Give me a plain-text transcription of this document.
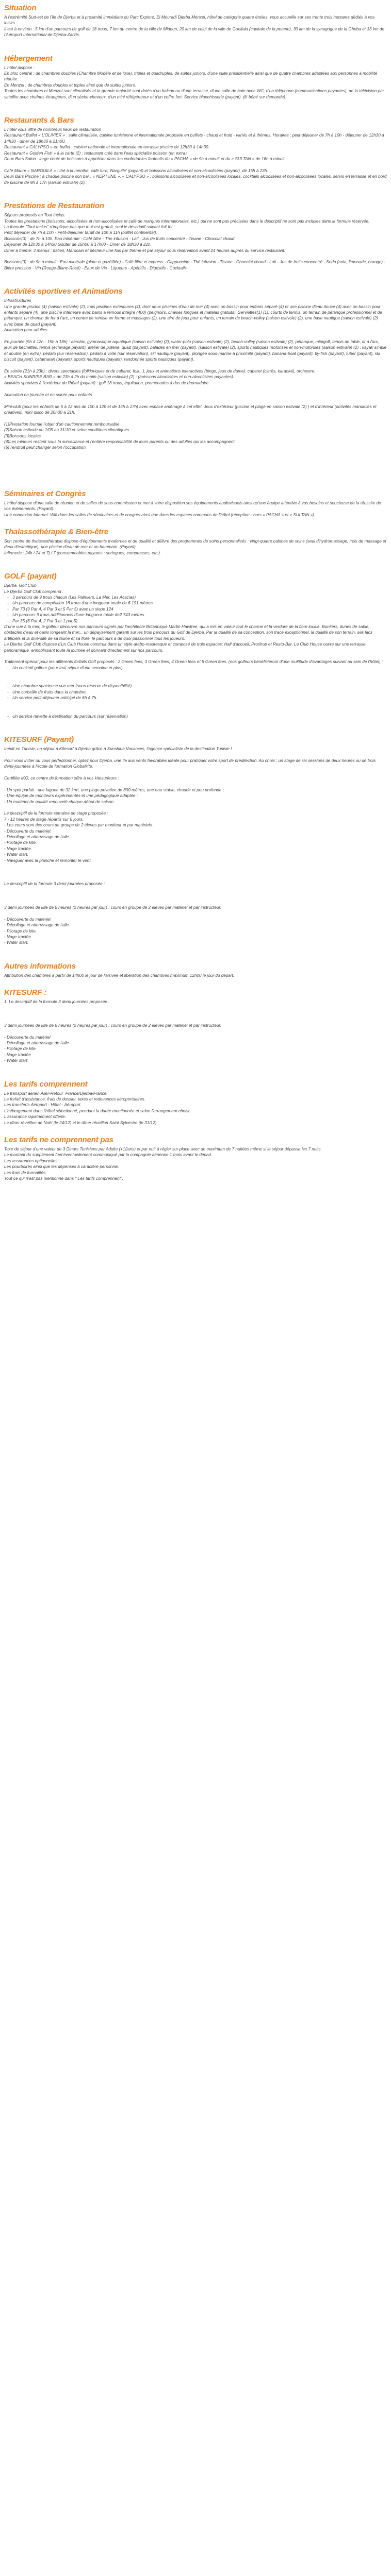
Situation

À l'extrémité Sud-est de l'île de Djerba et à proximité immédiate du Parc Explore, El Mouradi Djerba Menzel, hôtel de catégorie quatre étoiles, vous accueille sur ses trente trois hectares dédiés à vos loisirs.
Il est à environ : 5 km d'un parcours de golf de 18 trous, 7 km du centre de la ville de Midoun, 20 km de celui de la ville de Guellala (capitale de la poterie), 30 km de la synagogue de la Ghriba et 33 km de l'Aéroport International de Djerba-Zarzis.

Hébergement

L'hôtel dispose :
En bloc central : de chambres doubles (Chambre Modèle et de luxe), triples et quadruples, de suites juniors, d'une suite présidentielle ainsi que de quatre chambres adaptées aux personnes à mobilité réduite.
En Menzel : de chambres doubles et triples ainsi que de suites juniors.
Toutes les chambres et Menzel sont climatisés et la grande majorité sont dotés d'un balcon ou d'une terrasse, d'une salle de bain avec WC, d'un téléphone (communications payantes), de la télévision par satellite avec chaînes étrangères, d'un sèche-cheveux, d'un mini réfrigérateur et d'un coffre fort. Service blanchisserie (payant). (lit bébé sur demande).

Restaurants & Bars

L'hôtel vous offre de nombreux lieux de restauration
Restaurant Buffet « L'OLIVIER » : salle climatisée, cuisine tunisienne et internationale proposée en buffets - chaud et froid - variés et à thèmes. Horaires : petit-déjeuner de 7h à 10h - déjeuner de 12h30 à 14h30 - dîner de 18h30 à 21h00.
Restaurant « CALYPSO » en buffet : cuisine nationale et internationale en terrasse piscine de 12h30 à 14h30.
Restaurant « Golden Fish » à la carte (2) : restaurant créé dans l'eau spécialité poisson (en extra).
Deux Bars Salon : large choix de boissons à apprécier dans les confortables fauteuils du « PACHA » de 9h à minuit et du « SULTAN » de 16h à minuit.

Café Maure « NARGUILA » : thé à la menthe, café turc, 'Narguilé' (payant) et boissons alcoolisées et non-alcoolisées (payant), de 15h à 23h.
Deux Bars Piscine : à chaque piscine son bar : « NEPTUNE », « CALYPSO » : boissons alcoolisées et non-alcoolisées locales, cocktails alcoolisées et non-alcoolisées locales, servis en terrasse et en bord de piscine de 9h à 17h (saison estivale) (2).

Prestations de Restauration

Séjours proposés en Tout Inclus.
Toutes les prestations (boissons, alcoolisées et non-alcoolisées et café de marques internationales, etc.) qui ne sont pas précisées dans le descriptif ne sont pas incluses dans la formule réservée.
La formule "Tout Inclus" n'implique pas que tout est gratuit, seul le descriptif suivant fait foi :
Petit déjeuner de 7h à 10h - Petit-déjeuner tardif de 10h à 11h (buffet continental).
Boissons(3) : de 7h à 10h: Eau minérale - Café filtre - The infusion - Lait - Jus de fruits concentré - Tisane - Chocolat chaud.
Déjeuner de 12h30 à 14h30 Goûter de 15h00 à 17h00 - Dîner de 18h30 à 21h.
Dîner à thème: 3 menus : Italien, Marocain et pêcheur une fois par thème et par séjour sous réservation avant 24 heures auprès du service restaurant.

Boissons(3) : de 9h à minuit : Eau minérale (plate et gazéifiée) - Café filtre et express - Cappuccino - Thé infusion - Tisane - Chocolat chaud - Lait - Jus de fruits concentré - Soda (cola, limonade, orange) - Bière pression - Vin (Rouge-Blanc-Rosé) - Eaux de Vie - Liqueurs - Apéritifs - Digestifs - Cocktails.

Activités sportives et Animations

Infrastructures
Une grande piscine (4) (saison estivale) (2), trois piscines extérieures (4), dont deux piscines d'eau de mer (4) avec un bassin pour enfants séparé (4) et une piscine d'eau douce (4) avec un bassin pour enfants séparé (4), une piscine intérieure avec bains à remous intégré (400) (peignoirs, chaises longues et matelas gratuits), Serviettes(1) (1), courts de tennis, un terrain de pétanque professionnel et de pétanque, un chemin de fer à l'arc, un centre de remise en forme et massages (2), une aire de jeux pour enfants, un terrain de beach-volley (saison estivale) (2), une base nautique (saison estivale) (2) avec base de quad (payant).
Animation pour adultes

En journée (9h à 12h - 15h à 18h) : aérobic, gymnastique aquatique (saison estivale) (2), water-polo (saison estivale) (2), beach-volley (saison estivale) (2), pétanque, minigolf, tennis de table, tir à l'arc, jeux de fléchettes, tennis (éclairage payant), atelier de poterie, quad (payant), balades en mer (payant), (saison estivale) (2), sports nautiques motorisés et non-motorisés (saison estivale) (2) : kayak simple et double (en extra), pédalo (sur réservation), pédalo à voile (sur réservation), ski nautique (payant), plongée sous-marine à proximité (payant), banana-boat (payant), fly-fish (payant), tuber (payant), ski biscuit (payant), catamaran (payant), sports nautiques (payant), randonnée sports nautiques (payant).

En soirée (21h à 23h) : divers spectacles (folkloriques et de cabaret, folk...), jeux et animations interactives (bingo, jeux de dame), cabaret (clarés, karaoké), orchestre.
« BEACH SUNRISE BAR » de 23h à 2h du matin (saison estivale) (2) : (boissons alcoolisées et non-alcoolisées payantes).
Activités sportives à l'extérieur de l'hôtel (payant) : golf 18 trous, équitation, promenades à dos de dromadaire.

Animation en journée et en soirée pour enfants

Mini-club (pour les enfants de 5 à 12 ans de 10h à 12h et de 15h à 17h) avec espace aménagé à cet effet, Jeux d'extérieur (piscine et plage en saison estivale (2) ) et d'intérieur (activités manuelles et créatives), mini disco de 20h30 à 21h.

(1)Prestation fournie l'objet d'un cautionnement remboursable
(2)Saison estivale du 1/05 au 31/10 et selon conditions climatiques
(3)Boissons locales
(4)Les mineurs restent sous la surveillance et l'entière responsabilité de leurs parents ou des adultes qui les accompagnent.
(5) l'endroit peut changer selon l'occupation.

Séminaires et Congrès

L'hôtel dispose d'une salle de réunion et de salles de sous-commission et met à votre disposition ses équipements audiovisuels ainsi qu'une équipe attentive à vos besoins et soucieuse de la réussite de vos événements. (Payant).
Une connexion Internet: Wifi dans les salles de séminaires et de congrès ainsi que dans les espaces communs de l'hôtel (réception - bars « PACHA » et « SULTAN »).

Thalassothérapie & Bien-être

Son centre de thalassothérapie dispose d'équipements modernes et de qualité et délivre des programmes de soins personnalisés : vingt-quatre cabines de soins (seul d'hydromassage, trois de massage et deux d'esthétique), une piscine d'eau de mer et un hammam. (Payant).
Infirmerie : 24h / 24 et 7j / 7 (consommables payants : seringues, compresses, etc.).

GOLF (payant)

Djerba  Golf Club
Le Djerba Golf Club comprend :

- 3 parcours de 9 trous chacun (Les Palmiers, La Mer, Les Acacias)
- Un parcours de compétition 18 trous d'une longueur totale de 6 191 mètres
- Par 73 (9 Par 4, 4 Par 3 et 5 Par 5) avec un slope 124
- Un parcours 9 trous additionnels d'une longueur totale de2 743 mètres
- Par 35 (6 Par 4, 2 Par 3 et 1 par 5).

D'une vue à la mer, le golfeur découvre nos parcours signés par l'architecte Britannique Martin Hawtree, qui a mis en valeur tout le charme et la verdure de la flore locale. Bunkers, dunes de sable, obstacles d'eau et oasis longeant la mer... un dépaysement garanti sur les trois parcours du Golf de Djerba. Par la qualité de sa conception, son tracé exceptionnel, la qualité de son terrain, ses lacs artificiels et la diversité de sa faune et sa flore, le parcours a de quoi passionner tous les joueurs.
Le Djerba Golf Club dispose d'un Club House construit dans un style arabo-mauresque et composé de trois espaces: Hall d'accueil, Proshop et Resto-Bar. Le Club House ouvre sur une terrasse panoramique, ennoblissant toute la journée et donnant directement sur nos parcours.

Traitement spécial pour les différents forfaits Golf proposés : 2 Green fees, 3 Green fees, 4 Green fees et 5 Green fees. (nos golfeurs bénéficieront d'une multitude d'avantages suivant au sein de l'hôtel) :

- Un cocktail golfeur (pour tout séjour d'une semaine et plus)
- Une chambre spacieuse vue mer (sous réserve de disponibilité)
- Une corbeille de fruits dans la chambre.
- Un service petit-déjeuner anticipé de 6h à 7h.
- Un service navette à destination du parcours (sur réservation)
KITESURF (Payant)

Inédit en Tunisie, un séjour à Kitesurf à Djerba grâce à Sunshine Vacances, l'agence spécialiste de la destination Tunisie !

Pour vous initier ou vous perfectionner, optez pour Djerba, une île aux vents favorables idéale pour pratiquer votre sport de prédilection. Au choix : un stage de six sessions de deux heures ou de trois demi-journées à l'école de formation Globalkite.

Certifiée IKO, ce centre de formation offre à vos kitesurfeurs :

- Un spot parfait : une lagune de 32 km², une plage privative de 800 mètres, une eau stable, chaude et peu profonde ;
- Une équipe de moniteurs expérimentés et une pédagogique adaptée ;
- Un matériel de qualité renouvelé chaque début de saison.

Le descriptif de la formule semaine de stage proposée :
7 - 12 heures de stage répartis sur 6 jours.
- Les cours sont des cours de groupe de 2 élèves par moniteur et par matériels.
- Découverte du matériel.
- Décollage et atterrissage de l'aile.
- Pilotage de kite.
- Nage tractée.
- Water start.
- Naviguer avec la planche et remonter le vent.

Le descriptif de la formule 3 demi journées proposée :

3 demi journées de kite de 6 heures (2 heures par jour) ; cours en groupe de 2 élèves par matériel et par instructeur.

- Découverte du matériel.
- Décollage et atterrissage de l'aile.
- Pilotage de kite.
- Nage tractée.
- Water start.

Autres informations

Attribution des chambres à partir de 14h00 le jour de l'arrivée et libération des chambres maximum 12h00 le jour du départ.

KITESURF :

1. Le descriptif de la formule 3 demi journées proposée :

3 demi journées de kite de 6 heures (2 heures par jour) ; cours en groupe de 2 élèves par matériel et par instructeur.

- Découverte du matériel
- Décollage et atterrissage de l'aile
- Pilotage de kite
- Nage tractée
- Water start

Les tarifs comprennent

Le transport aérien Aller-Retour  France/Djerba/France.
Le forfait d'assistance, frais de dossier, taxes et redevances aéroportuaires.
Les transferts Aéroport - Hôtel - Aéroport.
L'hébergement dans l'hôtel sélectionné, pendant la durée mentionnée et selon l'arrangement choisi.
L'assurance rapatriement offerte.
Le dîner réveillon de Noël (le 24/12) et le dîner réveillon Saint Sylvestre (le 31/12).

Les tarifs ne comprennent pas

Taxe de séjour d'une valeur de 3 Dinars Tunisiens par Adulte (+12ans) et par nuit à régler sur place avec un maximum de 7 nuitées même si le séjour dépasse les 7 nuits.
Le montant du supplément fuel éventuellement communiqué par la compagnie aérienne 1 mois avant le départ.
Les assurances optionnelles.
Les pourboires ainsi que les dépenses à caractère personnel.
Les frais de formalités.
Tout ce qui n'est pas mentionné dans " Les tarifs comprennent".
